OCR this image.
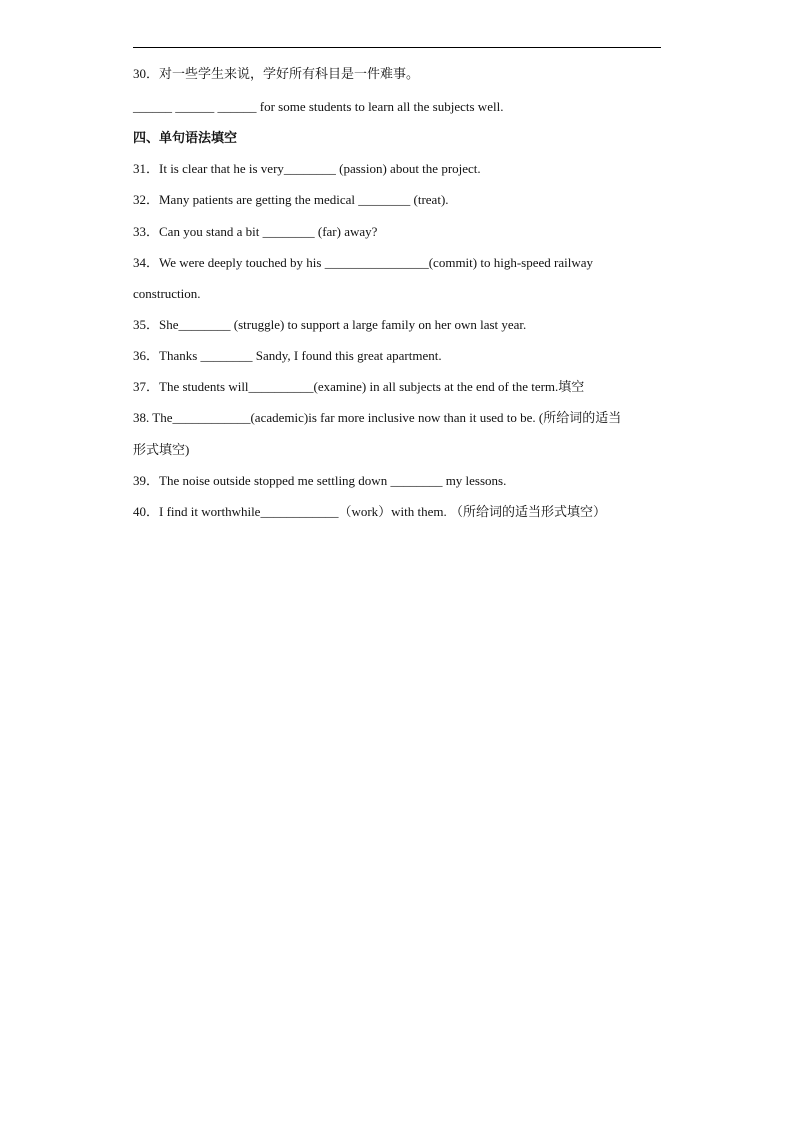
30．对一些学生来说，学好所有科目是一件难事。
______ ______ ______ for some students to learn all the subjects well.
四、单句语法填空
31．It is clear that he is very________ (passion) about the project.
32．Many patients are getting the medical ________ (treat).
33．Can you stand a bit ________ (far) away?
34．We were deeply touched by his ________________(commit) to high-speed railway
construction.
35．She________ (struggle) to support a large family on her own last year.
36．Thanks ________ Sandy, I found this great apartment.
37．The students will__________(examine) in all subjects at the end of the term.填空
38. The____________(academic)is far more inclusive now than it used to be. (所给词的适当
形式填空)
39．The noise outside stopped me settling down ________ my lessons.
40．I find it worthwhile____________（work）with them. （所给词的适当形式填空）
